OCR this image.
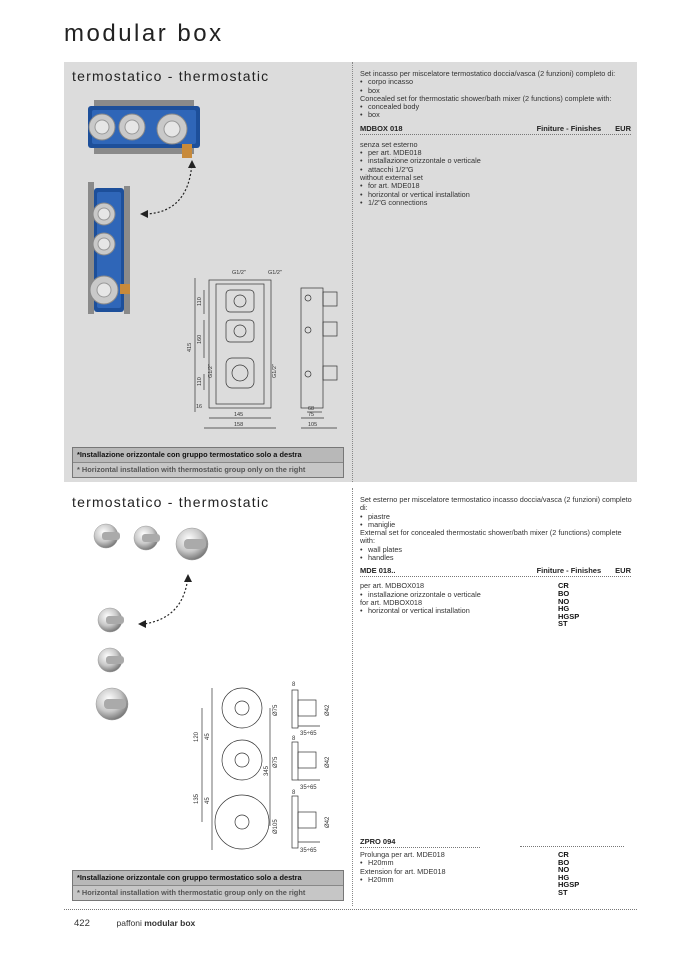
modular box
termostatico - thermostatic
415
110
160
110
16
145
158
68
75
105
G1/2"	G1/2"
G1/2"	G1/2"
*Installazione orizzontale con gruppo termostatico solo a destra
* Horizontal installation with thermostatic group only on the right
Set incasso per miscelatore termostatico doccia/vasca (2 funzioni) completo di:
• corpo incasso
• box
Concealed set for thermostatic shower/bath mixer (2 functions) complete with:
• concealed body
• box
MDBOX 018	Finiture - Finishes EUR
senza set esterno
• per art. MDE018
• installazione orizzontale o verticale
• attacchi 1/2"G
without external set
• for art. MDE018
• horizontal or vertical installation
• 1/2"G connections
termostatico - thermostatic
8
Ø75	Ø42
35÷65
120 45
345
8
Ø75	Ø42
35÷65
135 45
8
Ø105	Ø42
35÷65
*Installazione orizzontale con gruppo termostatico solo a destra
* Horizontal installation with thermostatic group only on the right
Set esterno per miscelatore termostatico incasso doccia/vasca (2 funzioni) completo di:
• piastre
• maniglie
External set for concealed thermostatic shower/bath mixer (2 functions) complete with:
• wall plates
• handles
MDE 018..	Finiture - Finishes EUR
per art. MDBOX018
• installazione orizzontale o verticale
for art. MDBOX018
• horizontal or vertical installation
CR
BO
NO
HG
HGSP
ST
ZPRO 094
Prolunga per art. MDE018
• H20mm
Extension for art. MDE018
• H20mm
CR
BO
NO
HG
HGSP
ST
422	paffoni modular box
